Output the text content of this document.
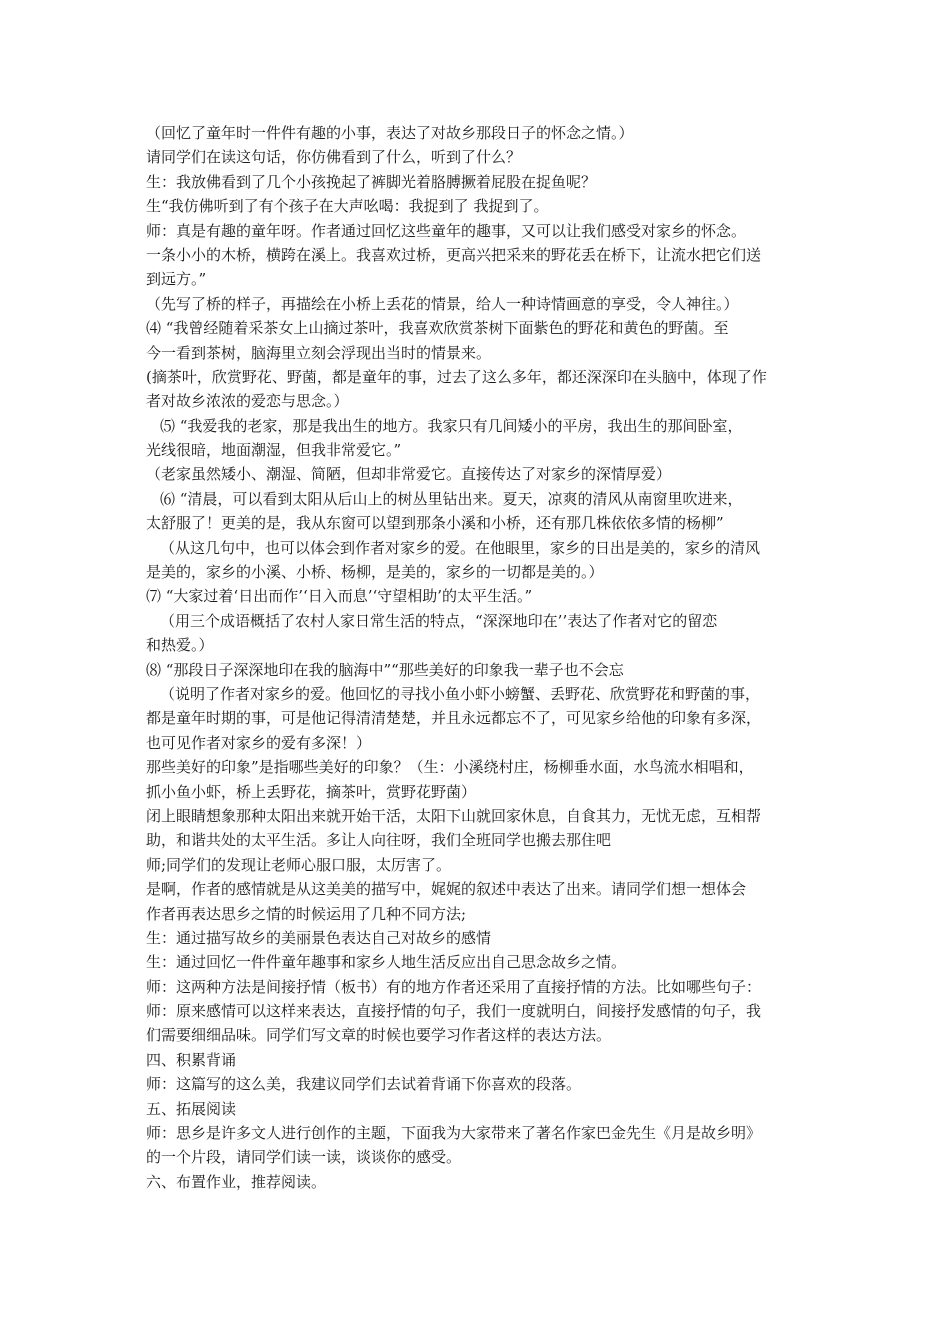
（回忆了童年时一件件有趣的小事，表达了对故乡那段日子的怀念之情。）
请同学们在读这句话，你仿佛看到了什么，听到了什么？
生：我放佛看到了几个小孩挽起了裤脚光着胳膊撅着屁股在捉鱼呢？
生“我仿佛听到了有个孩子在大声吆喝：我捉到了 我捉到了。
师：真是有趣的童年呀。作者通过回忆这些童年的趣事，又可以让我们感受对家乡的怀念。
一条小小的木桥，横跨在溪上。我喜欢过桥，更高兴把采来的野花丢在桥下，让流水把它们送
到远方。”
（先写了桥的样子，再描绘在小桥上丢花的情景，给人一种诗情画意的享受，令人神往。）
⑷ “我曾经随着采茶女上山摘过茶叶，我喜欢欣赏茶树下面紫色的野花和黄色的野菌。至
今一看到茶树，脑海里立刻会浮现出当时的情景来。
(摘茶叶，欣赏野花、野菌，都是童年的事，过去了这么多年，都还深深印在头脑中，体现了作
者对故乡浓浓的爱恋与思念。）
⑸ “我爱我的老家，那是我出生的地方。我家只有几间矮小的平房，我出生的那间卧室，
光线很暗，地面潮湿，但我非常爱它。”
（老家虽然矮小、潮湿、简陋，但却非常爱它。直接传达了对家乡的深情厚爱）
⑹ “清晨，可以看到太阳从后山上的树丛里钻出来。夏天，凉爽的清风从南窗里吹进来，
太舒服了！更美的是，我从东窗可以望到那条小溪和小桥，还有那几株依依多情的杨柳”
（从这几句中，也可以体会到作者对家乡的爱。在他眼里，家乡的日出是美的，家乡的清风
是美的，家乡的小溪、小桥、杨柳，是美的，家乡的一切都是美的。）
⑺ “大家过着‘日出而作’‘日入而息’‘守望相助’的太平生活。”
（用三个成语概括了农村人家日常生活的特点，“深深地印在’’表达了作者对它的留恋
和热爱。）
⑻ “那段日子深深地印在我的脑海中”“那些美好的印象我一辈子也不会忘
（说明了作者对家乡的爱。他回忆的寻找小鱼小虾小螃蟹、丢野花、欣赏野花和野菌的事，
都是童年时期的事，可是他记得清清楚楚，并且永远都忘不了，可见家乡给他的印象有多深，
也可见作者对家乡的爱有多深！）
那些美好的印象”是指哪些美好的印象？（生：小溪绕村庄，杨柳垂水面，水鸟流水相唱和，
抓小鱼小虾，桥上丢野花，摘茶叶，赏野花野菌）
闭上眼睛想象那种太阳出来就开始干活，太阳下山就回家休息，自食其力，无忧无虑，互相帮
助，和谐共处的太平生活。多让人向往呀，我们全班同学也搬去那住吧
师;同学们的发现让老师心服口服，太厉害了。
是啊，作者的感情就是从这美美的描写中，娓娓的叙述中表达了出来。请同学们想一想体会
作者再表达思乡之情的时候运用了几种不同方法;
生：通过描写故乡的美丽景色表达自己对故乡的感情
生：通过回忆一件件童年趣事和家乡人地生活反应出自己思念故乡之情。
师：这两种方法是间接抒情（板书）有的地方作者还采用了直接抒情的方法。比如哪些句子：
师：原来感情可以这样来表达，直接抒情的句子，我们一度就明白，间接抒发感情的句子，我
们需要细细品味。同学们写文章的时候也要学习作者这样的表达方法。
四、积累背诵
师：这篇写的这么美，我建议同学们去试着背诵下你喜欢的段落。
五、拓展阅读
师：思乡是许多文人进行创作的主题，下面我为大家带来了著名作家巴金先生《月是故乡明》
的一个片段，请同学们读一读，谈谈你的感受。
六、布置作业，推荐阅读。
